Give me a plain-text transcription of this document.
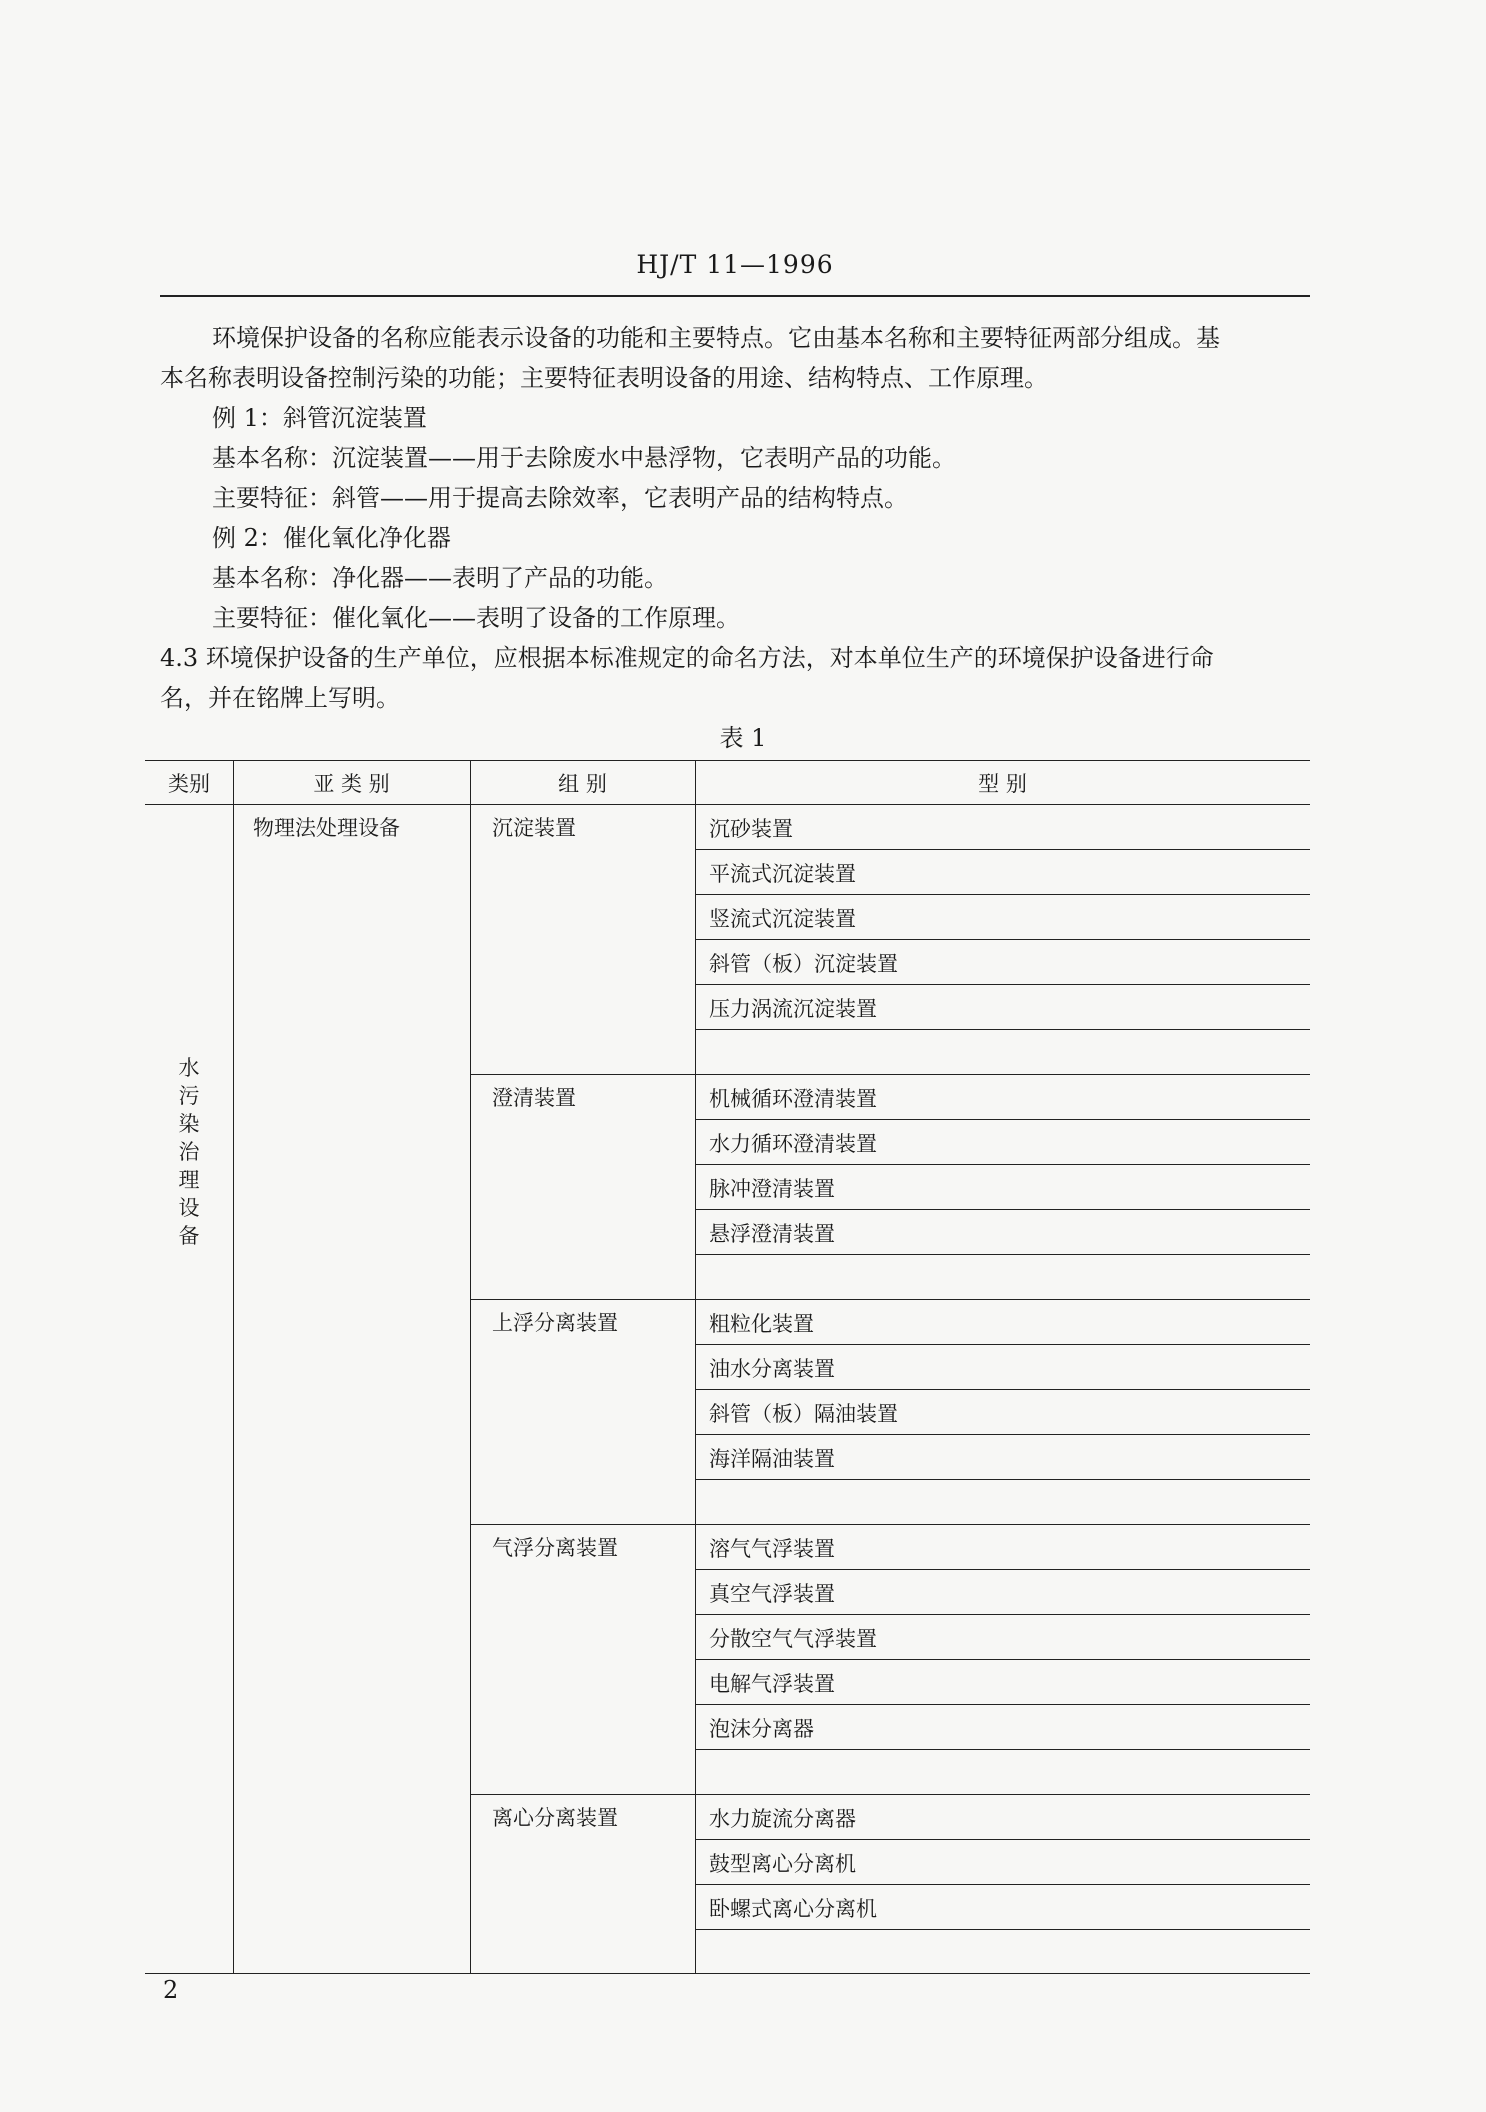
HJ/T 11—1996
环境保护设备的名称应能表示设备的功能和主要特点。它由基本名称和主要特征两部分组成。基
本名称表明设备控制污染的功能；主要特征表明设备的用途、结构特点、工作原理。
例 1：斜管沉淀装置
基本名称：沉淀装置——用于去除废水中悬浮物，它表明产品的功能。
主要特征：斜管——用于提高去除效率，它表明产品的结构特点。
例 2：催化氧化净化器
基本名称：净化器——表明了产品的功能。
主要特征：催化氧化——表明了设备的工作原理。
4.3 环境保护设备的生产单位，应根据本标准规定的命名方法，对本单位生产的环境保护设备进行命
名，并在铭牌上写明。
表 1
类别	亚 类 别	组 别	型 别
物理法处理设备
水污染治理设备
沉淀装置	沉砂装置
平流式沉淀装置
竖流式沉淀装置
斜管（板）沉淀装置
压力涡流沉淀装置
澄清装置	机械循环澄清装置
水力循环澄清装置
脉冲澄清装置
悬浮澄清装置
上浮分离装置	粗粒化装置
油水分离装置
斜管（板）隔油装置
海洋隔油装置
气浮分离装置	溶气气浮装置
真空气浮装置
分散空气气浮装置
电解气浮装置
泡沫分离器
离心分离装置	水力旋流分离器
鼓型离心分离机
卧螺式离心分离机
2
